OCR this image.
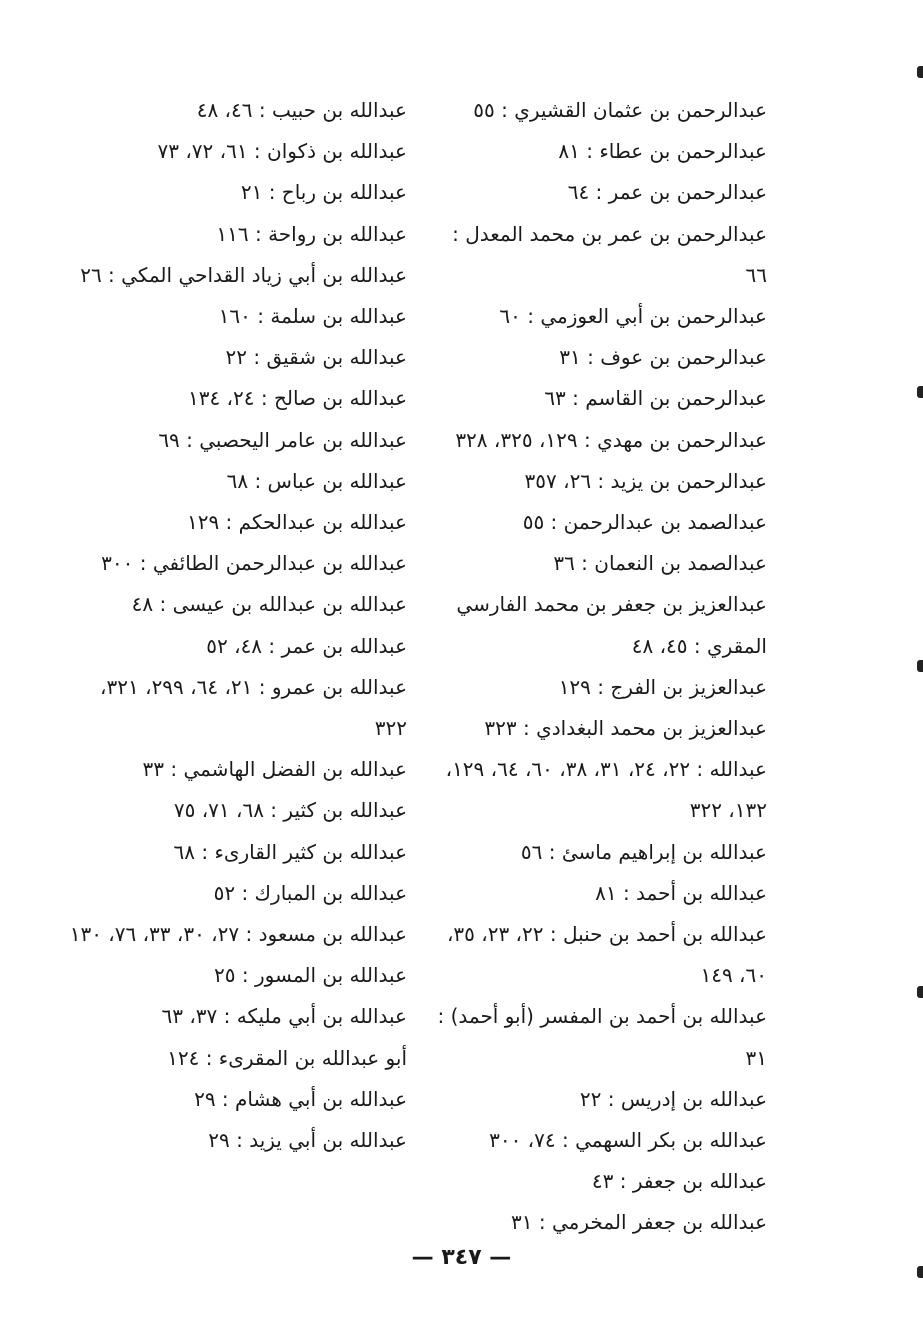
عبدالرحمن بن عثمان القشيري : ٥٥
عبدالرحمن بن عطاء : ٨١
عبدالرحمن بن عمر : ٦٤
عبدالرحمن بن عمر بن محمد المعدل : ٦٦
عبدالرحمن بن أبي العوزمي : ٦٠
عبدالرحمن بن عوف : ٣١
عبدالرحمن بن القاسم : ٦٣
عبدالرحمن بن مهدي : ١٢٩، ٣٢٥، ٣٢٨
عبدالرحمن بن يزيد : ٢٦، ٣٥٧
عبدالصمد بن عبدالرحمن : ٥٥
عبدالصمد بن النعمان : ٣٦
عبدالعزيز بن جعفر بن محمد الفارسي المقري : ٤٥، ٤٨
عبدالعزيز بن الفرج : ١٢٩
عبدالعزيز بن محمد البغدادي : ٣٢٣
عبدالله : ٢٢، ٢٤، ٣١، ٣٨، ٦٠، ٦٤، ١٢٩، ١٣٢، ٣٢٢
عبدالله بن إبراهيم ماسئ : ٥٦
عبدالله بن أحمد : ٨١
عبدالله بن أحمد بن حنبل : ٢٢، ٢٣، ٣٥، ٦٠، ١٤٩
عبدالله بن أحمد بن المفسر (أبو أحمد) : ٣١
عبدالله بن إدريس : ٢٢
عبدالله بن بكر السهمي : ٧٤، ٣٠٠
عبدالله بن جعفر : ٤٣
عبدالله بن جعفر المخرمي : ٣١
عبدالله بن حبيب : ٤٦، ٤٨
عبدالله بن ذكوان : ٦١، ٧٢، ٧٣
عبدالله بن رباح : ٢١
عبدالله بن رواحة : ١١٦
عبدالله بن أبي زياد القداحي المكي : ٢٦
عبدالله بن سلمة : ١٦٠
عبدالله بن شقيق : ٢٢
عبدالله بن صالح : ٢٤، ١٣٤
عبدالله بن عامر اليحصبي : ٦٩
عبدالله بن عباس : ٦٨
عبدالله بن عبدالحكم : ١٢٩
عبدالله بن عبدالرحمن الطائفي : ٣٠٠
عبدالله بن عبدالله بن عيسى : ٤٨
عبدالله بن عمر : ٤٨، ٥٢
عبدالله بن عمرو : ٢١، ٦٤، ٢٩٩، ٣٢١، ٣٢٢
عبدالله بن الفضل الهاشمي : ٣٣
عبدالله بن كثير : ٦٨، ٧١، ٧٥
عبدالله بن كثير القارىء : ٦٨
عبدالله بن المبارك : ٥٢
عبدالله بن مسعود : ٢٧، ٣٠، ٣٣، ٧٦، ١٣٠
عبدالله بن المسور : ٢٥
عبدالله بن أبي مليكه : ٣٧، ٦٣
أبو عبدالله بن المقرىء : ١٢٤
عبدالله بن أبي هشام : ٢٩
عبدالله بن أبي يزيد : ٢٩
— ٣٤٧ —
